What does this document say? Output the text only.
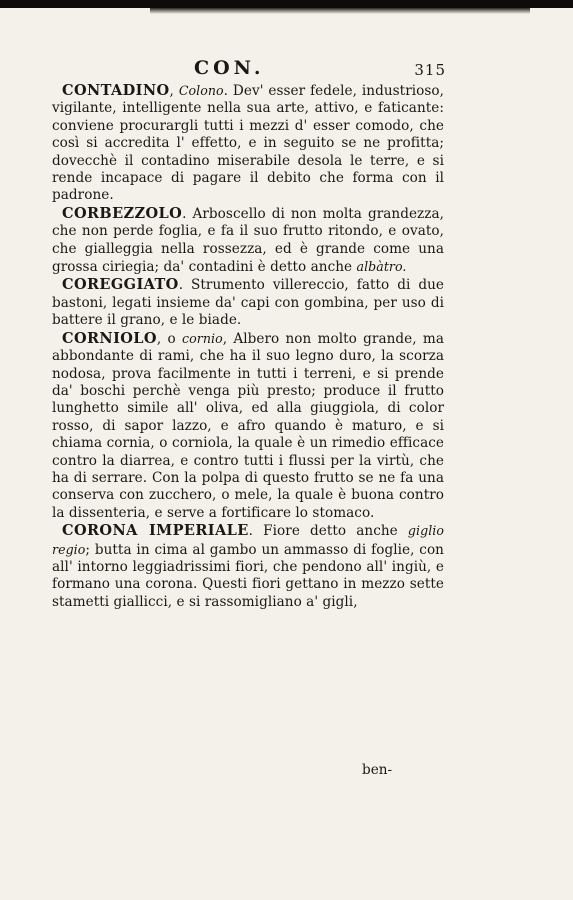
CON.	315

CONTADINO, Colono. Dev' esser fedele, industrioso, vigilante, intelligente nella sua arte, attivo, e faticante: conviene procurargli tutti i mezzi d' esser comodo, che così si accredita l' effetto, e in seguito se ne profitta; dovecchè il contadino miserabile desola le terre, e si rende incapace di pagare il debito che forma con il padrone.

CORBEZZOLO. Arboscello di non molta grandezza, che non perde foglia, e fa il suo frutto ritondo, e ovato, che gialleggia nella rossezza, ed è grande come una grossa ciriegia; da' contadini è detto anche albàtro.

COREGGIATO. Strumento villereccio, fatto di due bastoni, legati insieme da' capi con gombina, per uso di battere il grano, e le biade.

CORNIOLO, o cornio, Albero non molto grande, ma abbondante di rami, che ha il suo legno duro, la scorza nodosa, prova facilmente in tutti i terreni, e si prende da' boschi perchè venga più presto; produce il frutto lunghetto simile all' oliva, ed alla giuggiola, di color rosso, di sapor lazzo, e afro quando è maturo, e si chiama cornia, o corniola, la quale è un rimedio efficace contro la diarrea, e contro tutti i flussi per la virtù, che ha di serrare. Con la polpa di questo frutto se ne fa una conserva con zucchero, o mele, la quale è buona contro la dissenteria, e serve a fortificare lo stomaco.

CORONA IMPERIALE. Fiore detto anche giglio regio; butta in cima al gambo un ammasso di foglie, con all' intorno leggiadrissimi fiori, che pendono all' ingiù, e formano una corona. Questi fiori gettano in mezzo sette stametti giallicci, e si rassomigliano a' gigli,

ben-
